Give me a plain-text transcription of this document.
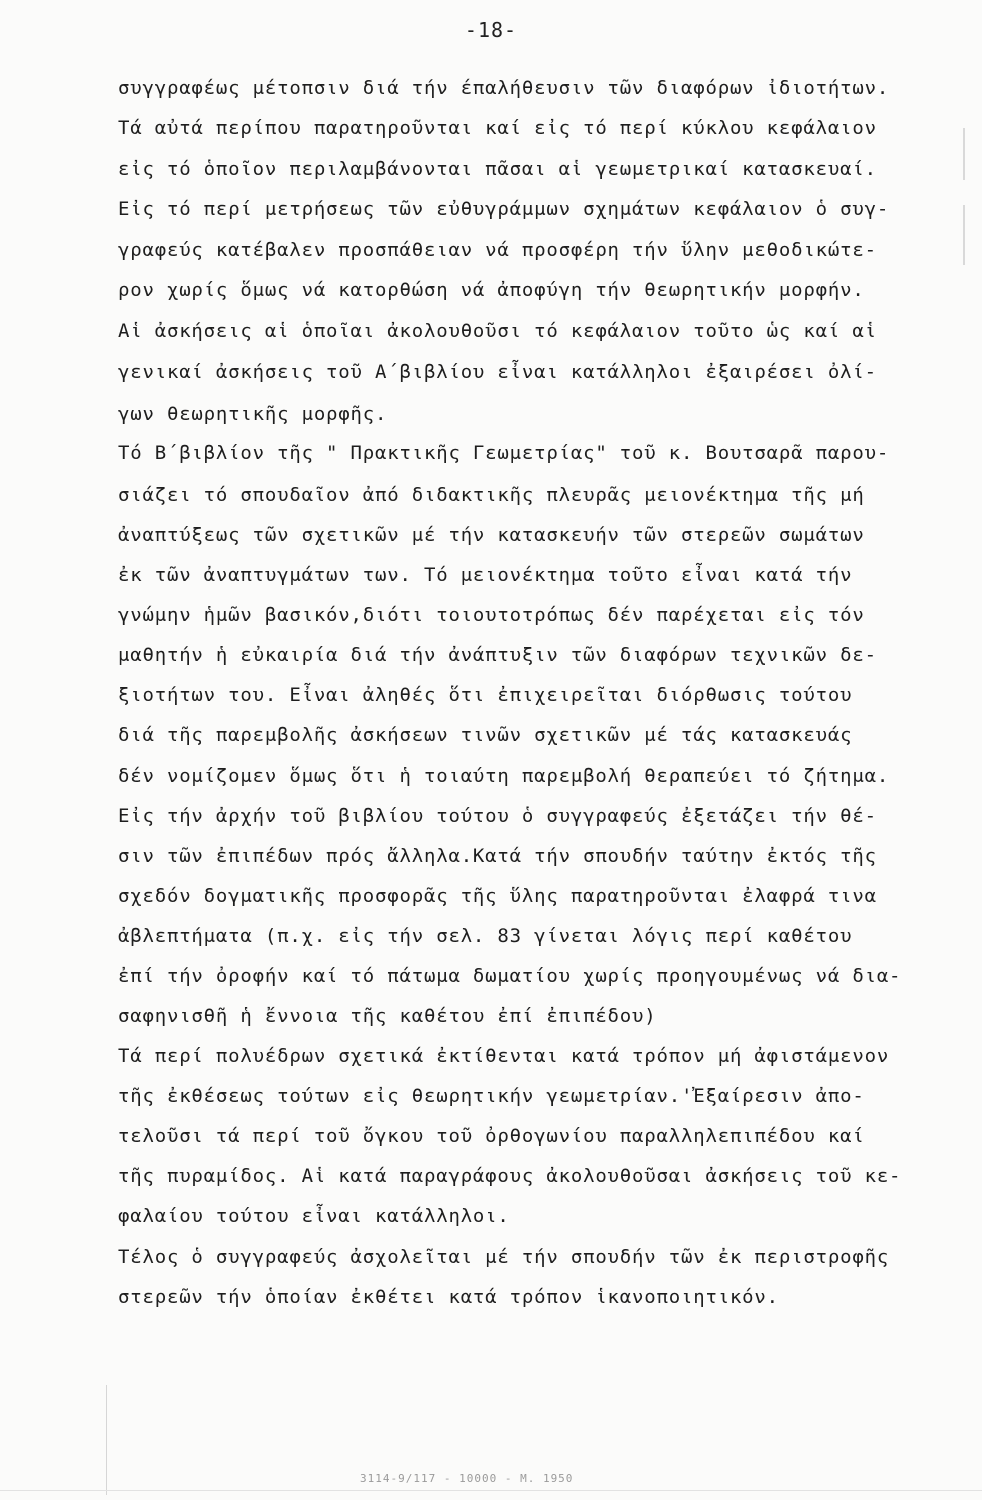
-18-
συγγραφέως μέτοπσιν διά τήν έπαλήθευσιν τῶν διαφόρων ἰδιοτήτων.
Τά αὐτά περίπου παρατηροῦνται καί εἰς τό περί κύκλου κεφάλαιον
εἰς τό ὁποῖον περιλαμβάνονται πᾶσαι αἱ γεωμετρικαί κατασκευαί.
Εἰς τό περί μετρήσεως τῶν εὐθυγράμμων σχημάτων κεφάλαιον ὁ συγ-
γραφεύς κατέβαλεν προσπάθειαν νά προσφέρη τήν ὕλην μεθοδικώτε-
ρον χωρίς ὅμως νά κατορθώση νά ἀποφύγη τήν θεωρητικήν μορφήν.
Αἱ ἀσκήσεις αἱ ὁποῖαι ἀκολουθοῦσι τό κεφάλαιον τοῦτο ὡς καί αἱ
γενικαί ἀσκήσεις τοῦ Α΄βιβλίου εἶναι κατάλληλοι ἐξαιρέσει ὀλί-
γων θεωρητικῆς μορφῆς.
Τό Β΄βιβλίον τῆς " Πρακτικῆς Γεωμετρίας" τοῦ κ. Βουτσαρᾶ παρου-
σιάζει τό σπουδαῖον ἀπό διδακτικῆς πλευρᾶς μειονέκτημα τῆς μή
ἀναπτύξεως τῶν σχετικῶν μέ τήν κατασκευήν τῶν στερεῶν σωμάτων
ἐκ τῶν ἀναπτυγμάτων των. Τό μειονέκτημα τοῦτο εἶναι κατά τήν
γνώμην ἡμῶν βασικόν,διότι τοιουτοτρόπως δέν παρέχεται εἰς τόν
μαθητήν ἡ εὐκαιρία διά τήν ἀνάπτυξιν τῶν διαφόρων τεχνικῶν δε-
ξιοτήτων του. Εἶναι ἀληθές ὅτι ἐπιχειρεῖται διόρθωσις τούτου
διά τῆς παρεμβολῆς ἀσκήσεων τινῶν σχετικῶν μέ τάς κατασκευάς
δέν νομίζομεν ὅμως ὅτι ἡ τοιαύτη παρεμβολή θεραπεύει τό ζήτημα.
Εἰς τήν ἀρχήν τοῦ βιβλίου τούτου ὁ συγγραφεύς ἐξετάζει τήν θέ-
σιν τῶν ἐπιπέδων πρός ἄλληλα.Κατά τήν σπουδήν ταύτην ἐκτός τῆς
σχεδόν δογματικῆς προσφορᾶς τῆς ὕλης παρατηροῦνται ἐλαφρά τινα
ἀβλεπτήματα (π.χ. εἰς τήν σελ. 83 γίνεται λόγις περί καθέτου
ἐπί τήν ὀροφήν καί τό πάτωμα δωματίου χωρίς προηγουμένως νά δια-
σαφηνισθῆ ἡ ἔννοια τῆς καθέτου ἐπί ἐπιπέδου)
Τά περί πολυέδρων σχετικά ἐκτίθενται κατά τρόπον μή ἀφιστάμενον
τῆς ἐκθέσεως τούτων εἰς θεωρητικήν γεωμετρίαν.'Ἐξαίρεσιν ἀπο-
τελοῦσι τά περί τοῦ ὄγκου τοῦ ὀρθογωνίου παραλληλεπιπέδου καί
τῆς πυραμίδος. Αἱ κατά παραγράφους ἀκολουθοῦσαι ἀσκήσεις τοῦ κε-
φαλαίου τούτου εἶναι κατάλληλοι.
Τέλος ὁ συγγραφεύς ἀσχολεῖται μέ τήν σπουδήν τῶν ἐκ περιστροφῆς
στερεῶν τήν ὁποίαν ἐκθέτει κατά τρόπον ἱκανοποιητικόν.
3114-9/117 - 10000 - Μ. 1950
